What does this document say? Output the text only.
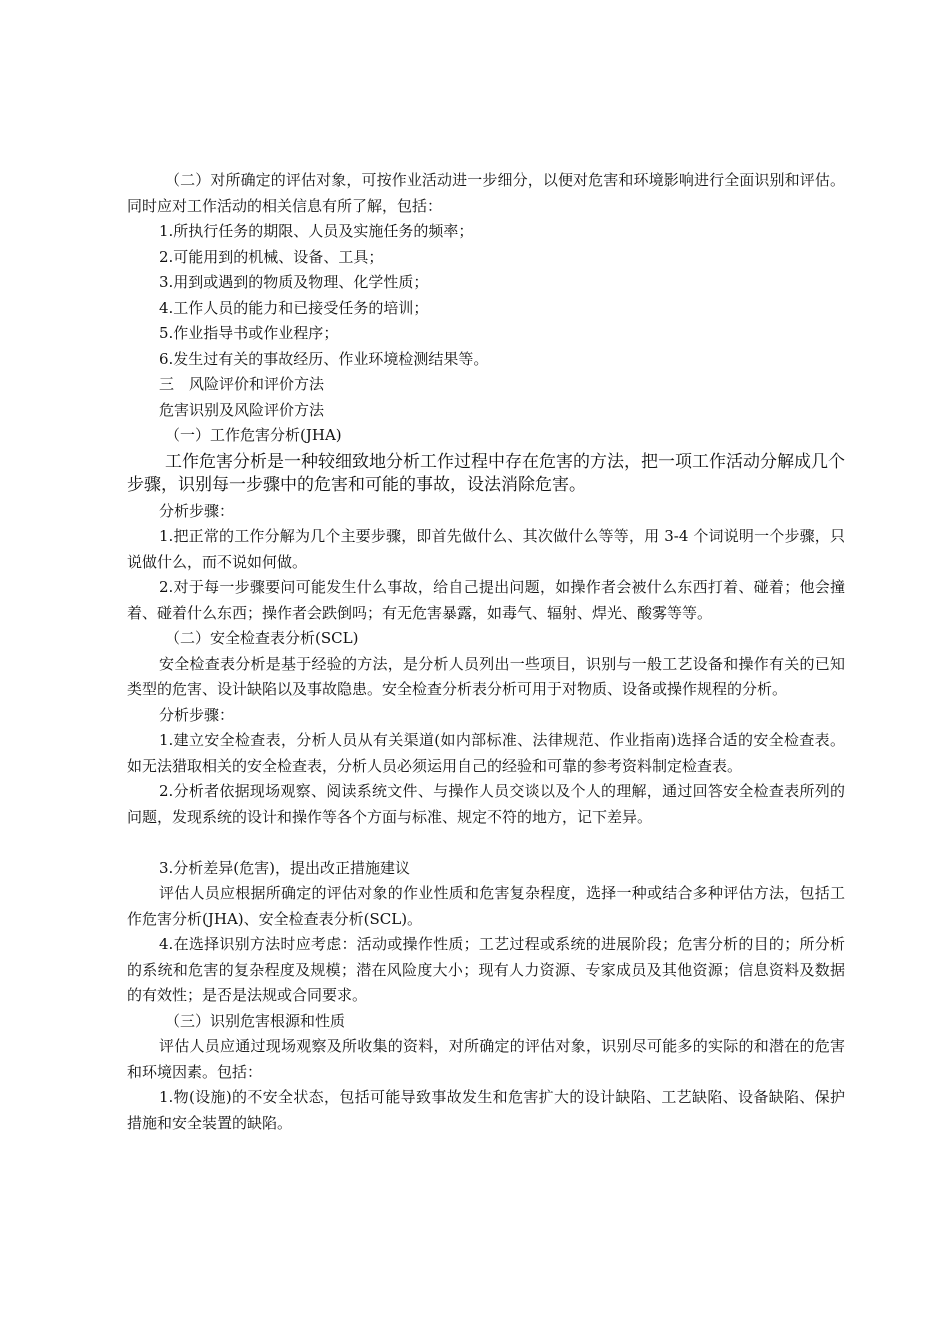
（二）对所确定的评估对象，可按作业活动进一步细分，以便对危害和环境影响进行全面识别和评估。同时应对工作活动的相关信息有所了解，包括：

1.所执行任务的期限、人员及实施任务的频率；

2.可能用到的机械、设备、工具；

3.用到或遇到的物质及物理、化学性质；

4.工作人员的能力和已接受任务的培训；

5.作业指导书或作业程序；

6.发生过有关的事故经历、作业环境检测结果等。

三　风险评价和评价方法

危害识别及风险评价方法

（一）工作危害分析(JHA)

工作危害分析是一种较细致地分析工作过程中存在危害的方法，把一项工作活动分解成几个步骤，识别每一步骤中的危害和可能的事故，设法消除危害。

分析步骤：

1.把正常的工作分解为几个主要步骤，即首先做什么、其次做什么等等，用 3-4 个词说明一个步骤，只说做什么，而不说如何做。

2.对于每一步骤要问可能发生什么事故，给自己提出问题，如操作者会被什么东西打着、碰着；他会撞着、碰着什么东西；操作者会跌倒吗；有无危害暴露，如毒气、辐射、焊光、酸雾等等。

（二）安全检查表分析(SCL)

安全检查表分析是基于经验的方法，是分析人员列出一些项目，识别与一般工艺设备和操作有关的已知类型的危害、设计缺陷以及事故隐患。安全检查分析表分析可用于对物质、设备或操作规程的分析。

分析步骤：

1.建立安全检查表，分析人员从有关渠道(如内部标准、法律规范、作业指南)选择合适的安全检查表。如无法猎取相关的安全检查表，分析人员必须运用自己的经验和可靠的参考资料制定检查表。

2.分析者依据现场观察、阅读系统文件、与操作人员交谈以及个人的理解，通过回答安全检查表所列的问题，发现系统的设计和操作等各个方面与标准、规定不符的地方，记下差异。

3.分析差异(危害)，提出改正措施建议

评估人员应根据所确定的评估对象的作业性质和危害复杂程度，选择一种或结合多种评估方法，包括工作危害分析(JHA)、安全检查表分析(SCL)。

4.在选择识别方法时应考虑：活动或操作性质；工艺过程或系统的进展阶段；危害分析的目的；所分析的系统和危害的复杂程度及规模；潜在风险度大小；现有人力资源、专家成员及其他资源；信息资料及数据的有效性；是否是法规或合同要求。

（三）识别危害根源和性质

评估人员应通过现场观察及所收集的资料，对所确定的评估对象，识别尽可能多的实际的和潜在的危害和环境因素。包括：

1.物(设施)的不安全状态，包括可能导致事故发生和危害扩大的设计缺陷、工艺缺陷、设备缺陷、保护措施和安全装置的缺陷。
